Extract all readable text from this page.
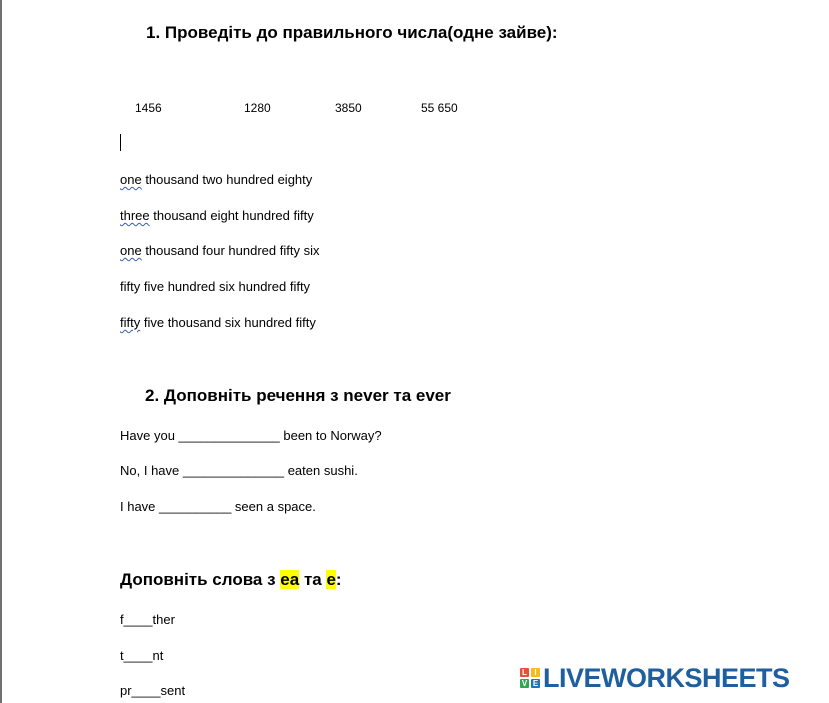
1. Проведіть до правильного числа(одне зайве):
1456	1280	3850	55 650
one thousand two hundred eighty
three thousand eight hundred fifty
one thousand four hundred fifty six
fifty five hundred six hundred fifty
fifty five thousand six hundred fifty
2. Доповніть речення з never та ever
Have you ______________ been to Norway?
No, I have ______________ eaten sushi.
I have __________ seen a space.
Доповніть слова з ea та e:
f____ther
t____nt
pr____sent
L I
V E LIVEWORKSHEETS
